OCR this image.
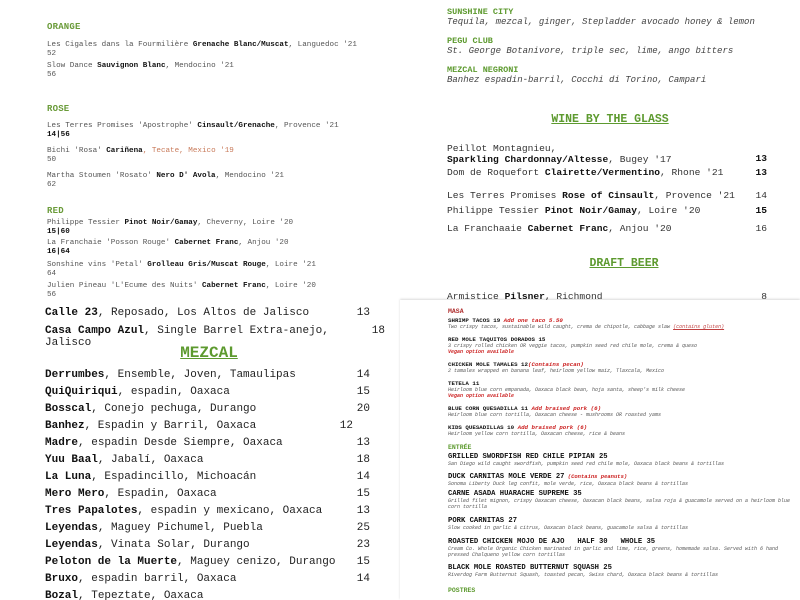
ORANGE
Les Cigales dans la Fourmilière Grenache Blanc/Muscat, Languedoc '21
52
Slow Dance Sauvignon Blanc, Mendocino '21
56
ROSE
Les Terres Promises 'Apostrophe' Cinsault/Grenache, Provence '21
14|56
Bichi 'Rosa' Cariñena, Tecate, Mexico '19
50
Martha Stoumen 'Rosato' Nero D' Avola, Mendocino '21
62
RED
Philippe Tessier Pinot Noir/Gamay, Cheverny, Loire '20
15|60
La Franchaie 'Posson Rouge' Cabernet Franc, Anjou '20
16|64
Sonshine vins 'Petal' Grolleau Gris/Muscat Rouge, Loire '21
64
Julien Pineau 'L'Ecume des Nuits' Cabernet Franc, Loire '20
56
Calle 23, Reposado, Los Altos de Jalisco	13
Casa Campo Azul, Single Barrel Extra-anejo, Jalisco
18
MEZCAL
Derrumbes, Ensemble, Joven, Tamaulipas	14
QuiQuiriqui, espadin, Oaxaca	15
Bosscal, Conejo pechuga, Durango	20
Banhez, Espadin y Barril, Oaxaca	12
Madre, espadin Desde Siempre, Oaxaca	13
Yuu Baal, Jabalí, Oaxaca	18
La Luna, Espadincillo, Michoacán	14
Mero Mero, Espadin, Oaxaca	15
Tres Papalotes, espadin y mexicano, Oaxaca	13
Leyendas, Maguey Pichumel, Puebla	25
Leyendas, Vinata Solar, Durango	23
Peloton de la Muerte, Maguey cenizo, Durango 15
Bruxo, espadin barril, Oaxaca	14
Bozal, Tepeztate, Oaxaca
SUNSHINE CITY
Tequila, mezcal, ginger, Stepladder avocado honey & lemon
PEGU CLUB
St. George Botanivore, triple sec, lime, ango bitters
MEZCAL NEGRONI
Banhez espadin-barril, Cocchi di Torino, Campari
WINE BY THE GLASS
Peillot Montagnieu,
Sparkling Chardonnay/Altesse, Bugey '17	13
Dom de Roquefort Clairette/Vermentino, Rhone '21	13
Les Terres Promises Rose of Cinsault, Provence '21 14
Philippe Tessier Pinot Noir/Gamay, Loire '20	15
La Franchaaie Cabernet Franc, Anjou '20	16
DRAFT BEER
Armistice Pilsner, Richmond	8
MASA
SHRIMP TACOS 19 Add one taco 5.50
Two crispy tacos, sustainable wild caught, crema de chipotle, cabbage slaw (contains gluten)
RED MOLE TAQUITOS DORADOS 15
3 crispy rolled chicken OR veggie tacos, pumpkin seed red chile mole, crema & queso
Vegan option available
CHICKEN MOLE TAMALES 12(Contains pecan)
2 tamales wrapped en banana leaf, heirloom yellow maiz, Tlaxcala, Mexico
TETELA 11
Heirloom blue corn empanada, Oaxaca black bean, hoja santa, sheep's milk cheese
Vegan option available
BLUE CORN QUESADILLA 11 Add braised pork (6)
Heirloom blue corn tortilla, Oaxacan cheese - mushrooms OR roasted yams
KIDS QUESADILLAS 10 Add braised pork (6)
Heirloom yellow corn tortilla, Oaxacan cheese, rice & beans
ENTRÉE
GRILLED SWORDFISH RED CHILE PIPIAN 25
San Diego wild caught swordfish, pumpkin seed red chile mole, Oaxaca black beans & tortillas
DUCK CARNITAS MOLE VERDE 27 (Contains peanuts)
Sonoma Liberty Duck leg confit, mole verde, rice, Oaxaca black beans & tortillas
CARNE ASADA HUARACHE SUPREME 35
Grilled filet mignon, crispy Oaxacan cheese, Oaxacan black beans, salsa roja & guacamole served on a heirloom blue corn tortilla
PORK CARNITAS 27
Slow cooked in garlic & citrus, Oaxacan black beans, guacamole salsa & tortillas
ROASTED CHICKEN MOJO DE AJO HALF 30 WHOLE 35
Cream Co. Whole Organic Chicken marinated in garlic and lime, rice, greens, homemade salsa. Served with 6 hand pressed Chalqueno yellow corn tortillas
BLACK MOLE ROASTED BUTTERNUT SQUASH 25
Riverdog Farm Butternut Squash, toasted pecan, Swiss chard, Oaxaca black beans & tortillas
POSTRES
